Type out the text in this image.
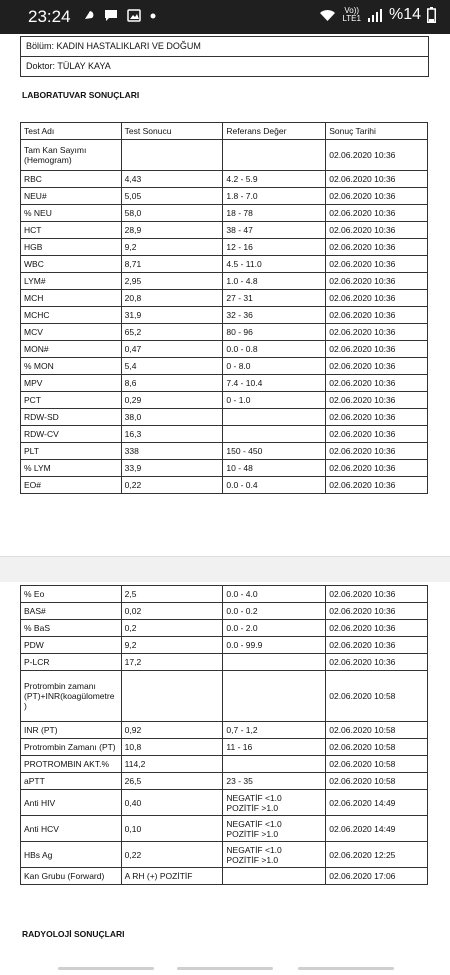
23:24	Vo))
LTE1 %14
Bölüm: KADIN HASTALIKLARI VE DOĞUM
Doktor: TÜLAY KAYA
LABORATUVAR SONUÇLARI
Test Adı	Test Sonucu	Referans Değer	Sonuç Tarihi
Tam Kan Sayımı
(Hemogram)			02.06.2020 10:36
RBC	4,43	4.2 - 5.9	02.06.2020 10:36
NEU#	5,05	1.8 - 7.0	02.06.2020 10:36
% NEU	58,0	18 - 78	02.06.2020 10:36
HCT	28,9	38 - 47	02.06.2020 10:36
HGB	9,2	12 - 16	02.06.2020 10:36
WBC	8,71	4.5 - 11.0	02.06.2020 10:36
LYM#	2,95	1.0 - 4.8	02.06.2020 10:36
MCH	20,8	27 - 31	02.06.2020 10:36
MCHC	31,9	32 - 36	02.06.2020 10:36
MCV	65,2	80 - 96	02.06.2020 10:36
MON#	0,47	0.0 - 0.8	02.06.2020 10:36
% MON	5,4	0 - 8.0	02.06.2020 10:36
MPV	8,6	7.4 - 10.4	02.06.2020 10:36
PCT	0,29	0 - 1.0	02.06.2020 10:36
RDW-SD	38,0		02.06.2020 10:36
RDW-CV	16,3		02.06.2020 10:36
PLT	338	150 - 450	02.06.2020 10:36
% LYM	33,9	10 - 48	02.06.2020 10:36
EO#	0,22	0.0 - 0.4	02.06.2020 10:36
% Eo	2,5	0.0 - 4.0	02.06.2020 10:36
BAS#	0,02	0.0 - 0.2	02.06.2020 10:36
% BaS	0,2	0.0 - 2.0	02.06.2020 10:36
PDW	9,2	0.0 - 99.9	02.06.2020 10:36
P-LCR	17,2		02.06.2020 10:36
Protrombin zamanı
(PT)+INR(koagülometre
)			02.06.2020 10:58
INR (PT)	0,92	0,7 - 1,2	02.06.2020 10:58
Protrombin Zamanı (PT)	10,8	11 - 16	02.06.2020 10:58
PROTROMBIN AKT.%	114,2		02.06.2020 10:58
aPTT	26,5	23 - 35	02.06.2020 10:58
Anti HIV	0,40	NEGATİF <1.0
POZİTİF >1.0	02.06.2020 14:49
Anti HCV	0,10	NEGATİF <1.0
POZİTİF >1.0	02.06.2020 14:49
HBs Ag	0,22	NEGATİF <1.0
POZİTİF >1.0	02.06.2020 12:25
Kan Grubu (Forward)	A RH (+) POZİTİF		02.06.2020 17:06
RADYOLOJİ SONUÇLARI
